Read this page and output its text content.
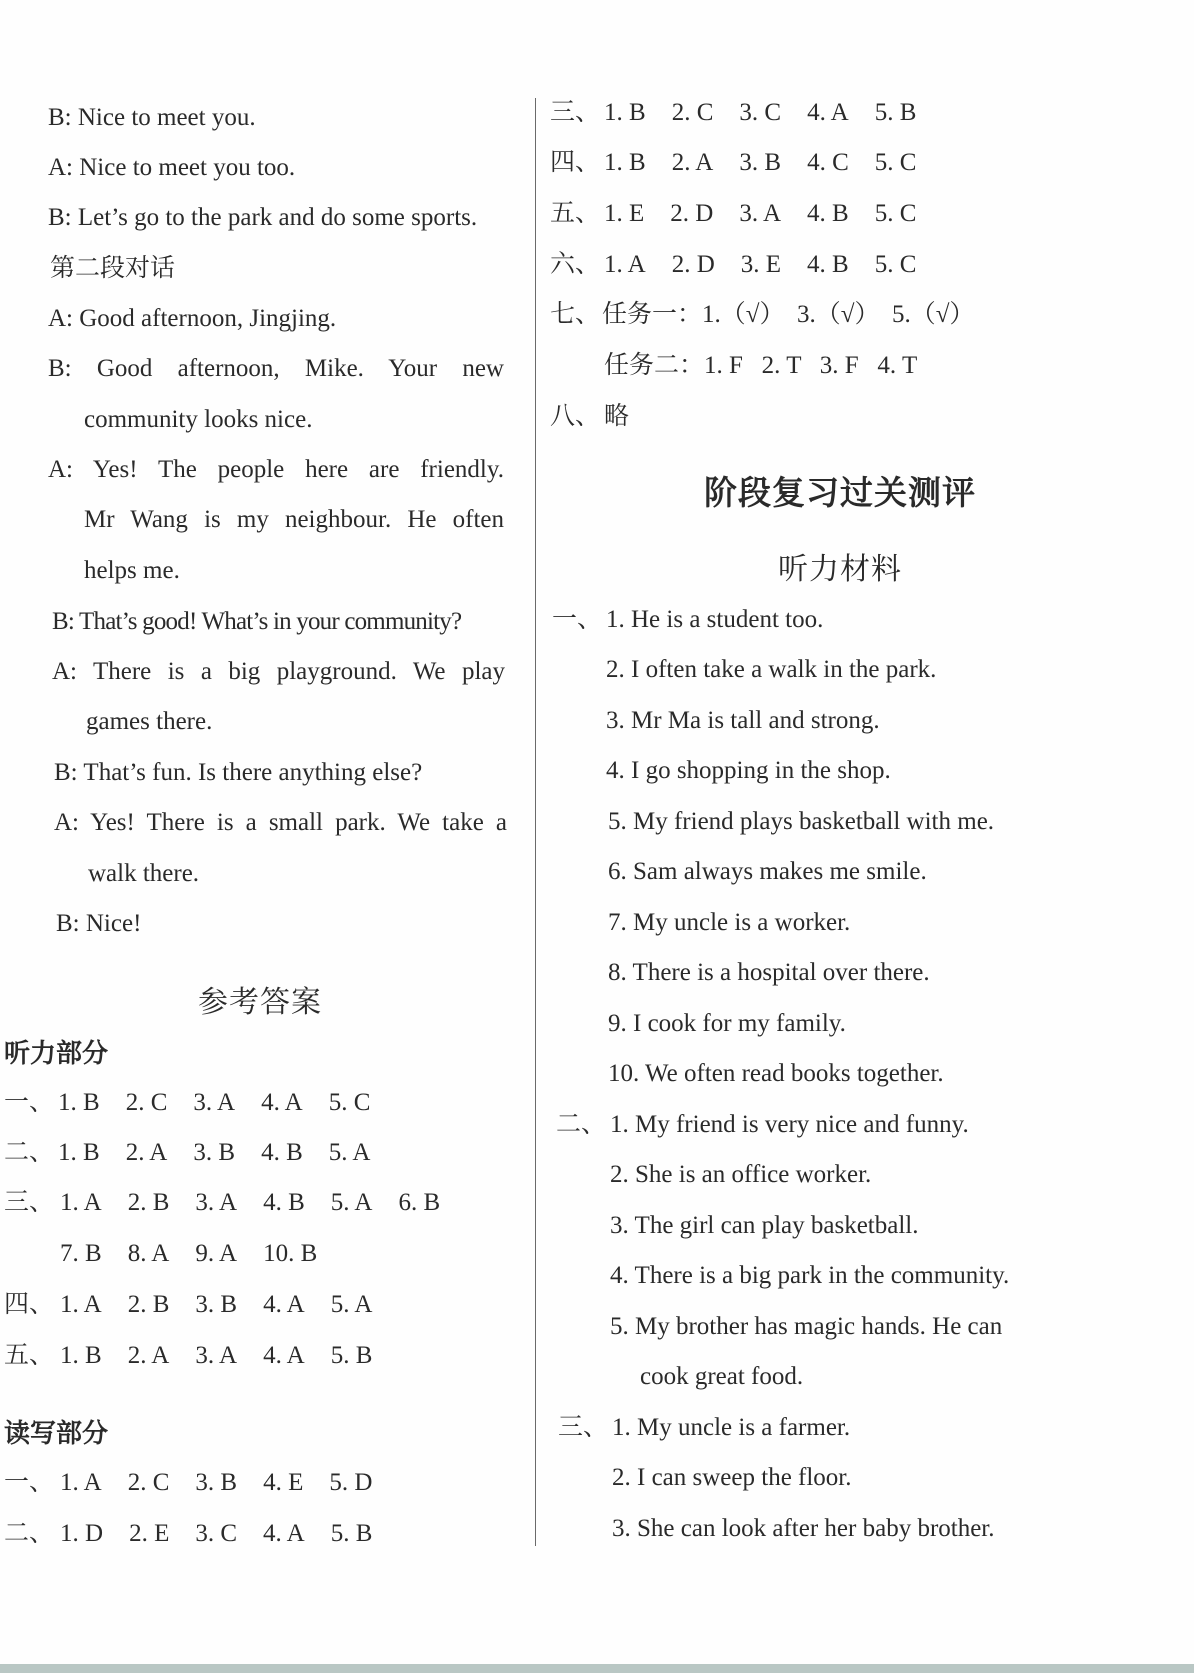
B: Nice to meet you.
A: Nice to meet you too.
B: Let’s go to the park and do some sports.
第二段对话
A: Good afternoon, Jingjing.
B: Good afternoon, Mike. Your new
community looks nice.
A: Yes! The people here are friendly.
Mr Wang is my neighbour. He often
helps me.
B: That’s good! What’s in your community?
A: There is a big playground. We play
games there.
B: That’s fun. Is there anything else?
A: Yes! There is a small park. We take a
walk there.
B: Nice!
参考答案
听力部分
一、 1. B 2. C 3. A 4. A 5. C
二、 1. B 2. A 3. B 4. B 5. A
三、 1. A 2. B 3. A 4. B 5. A 6. B
7. B 8. A 9. A 10. B
四、 1. A 2. B 3. B 4. A 5. A
五、 1. B 2. A 3. A 4. A 5. B
读写部分
一、 1. A 2. C 3. B 4. E 5. D
二、 1. D 2. E 3. C 4. A 5. B
三、 1. B 2. C 3. C 4. A 5. B
四、 1. B 2. A 3. B 4. C 5. C
五、 1. E 2. D 3. A 4. B 5. C
六、 1. A 2. D 3. E 4. B 5. C
七、 任务一：1.（√）  3.（√）  5.（√）
任务二：1. F   2. T   3. F   4. T
八、 略
阶段复习过关测评
听力材料
一、 1. He is a student too.
2. I often take a walk in the park.
3. Mr Ma is tall and strong.
4. I go shopping in the shop.
5. My friend plays basketball with me.
6. Sam always makes me smile.
7. My uncle is a worker.
8. There is a hospital over there.
9. I cook for my family.
10. We often read books together.
二、 1. My friend is very nice and funny.
2. She is an office worker.
3. The girl can play basketball.
4. There is a big park in the community.
5. My brother has magic hands. He can
cook great food.
三、 1. My uncle is a farmer.
2. I can sweep the floor.
3. She can look after her baby brother.
